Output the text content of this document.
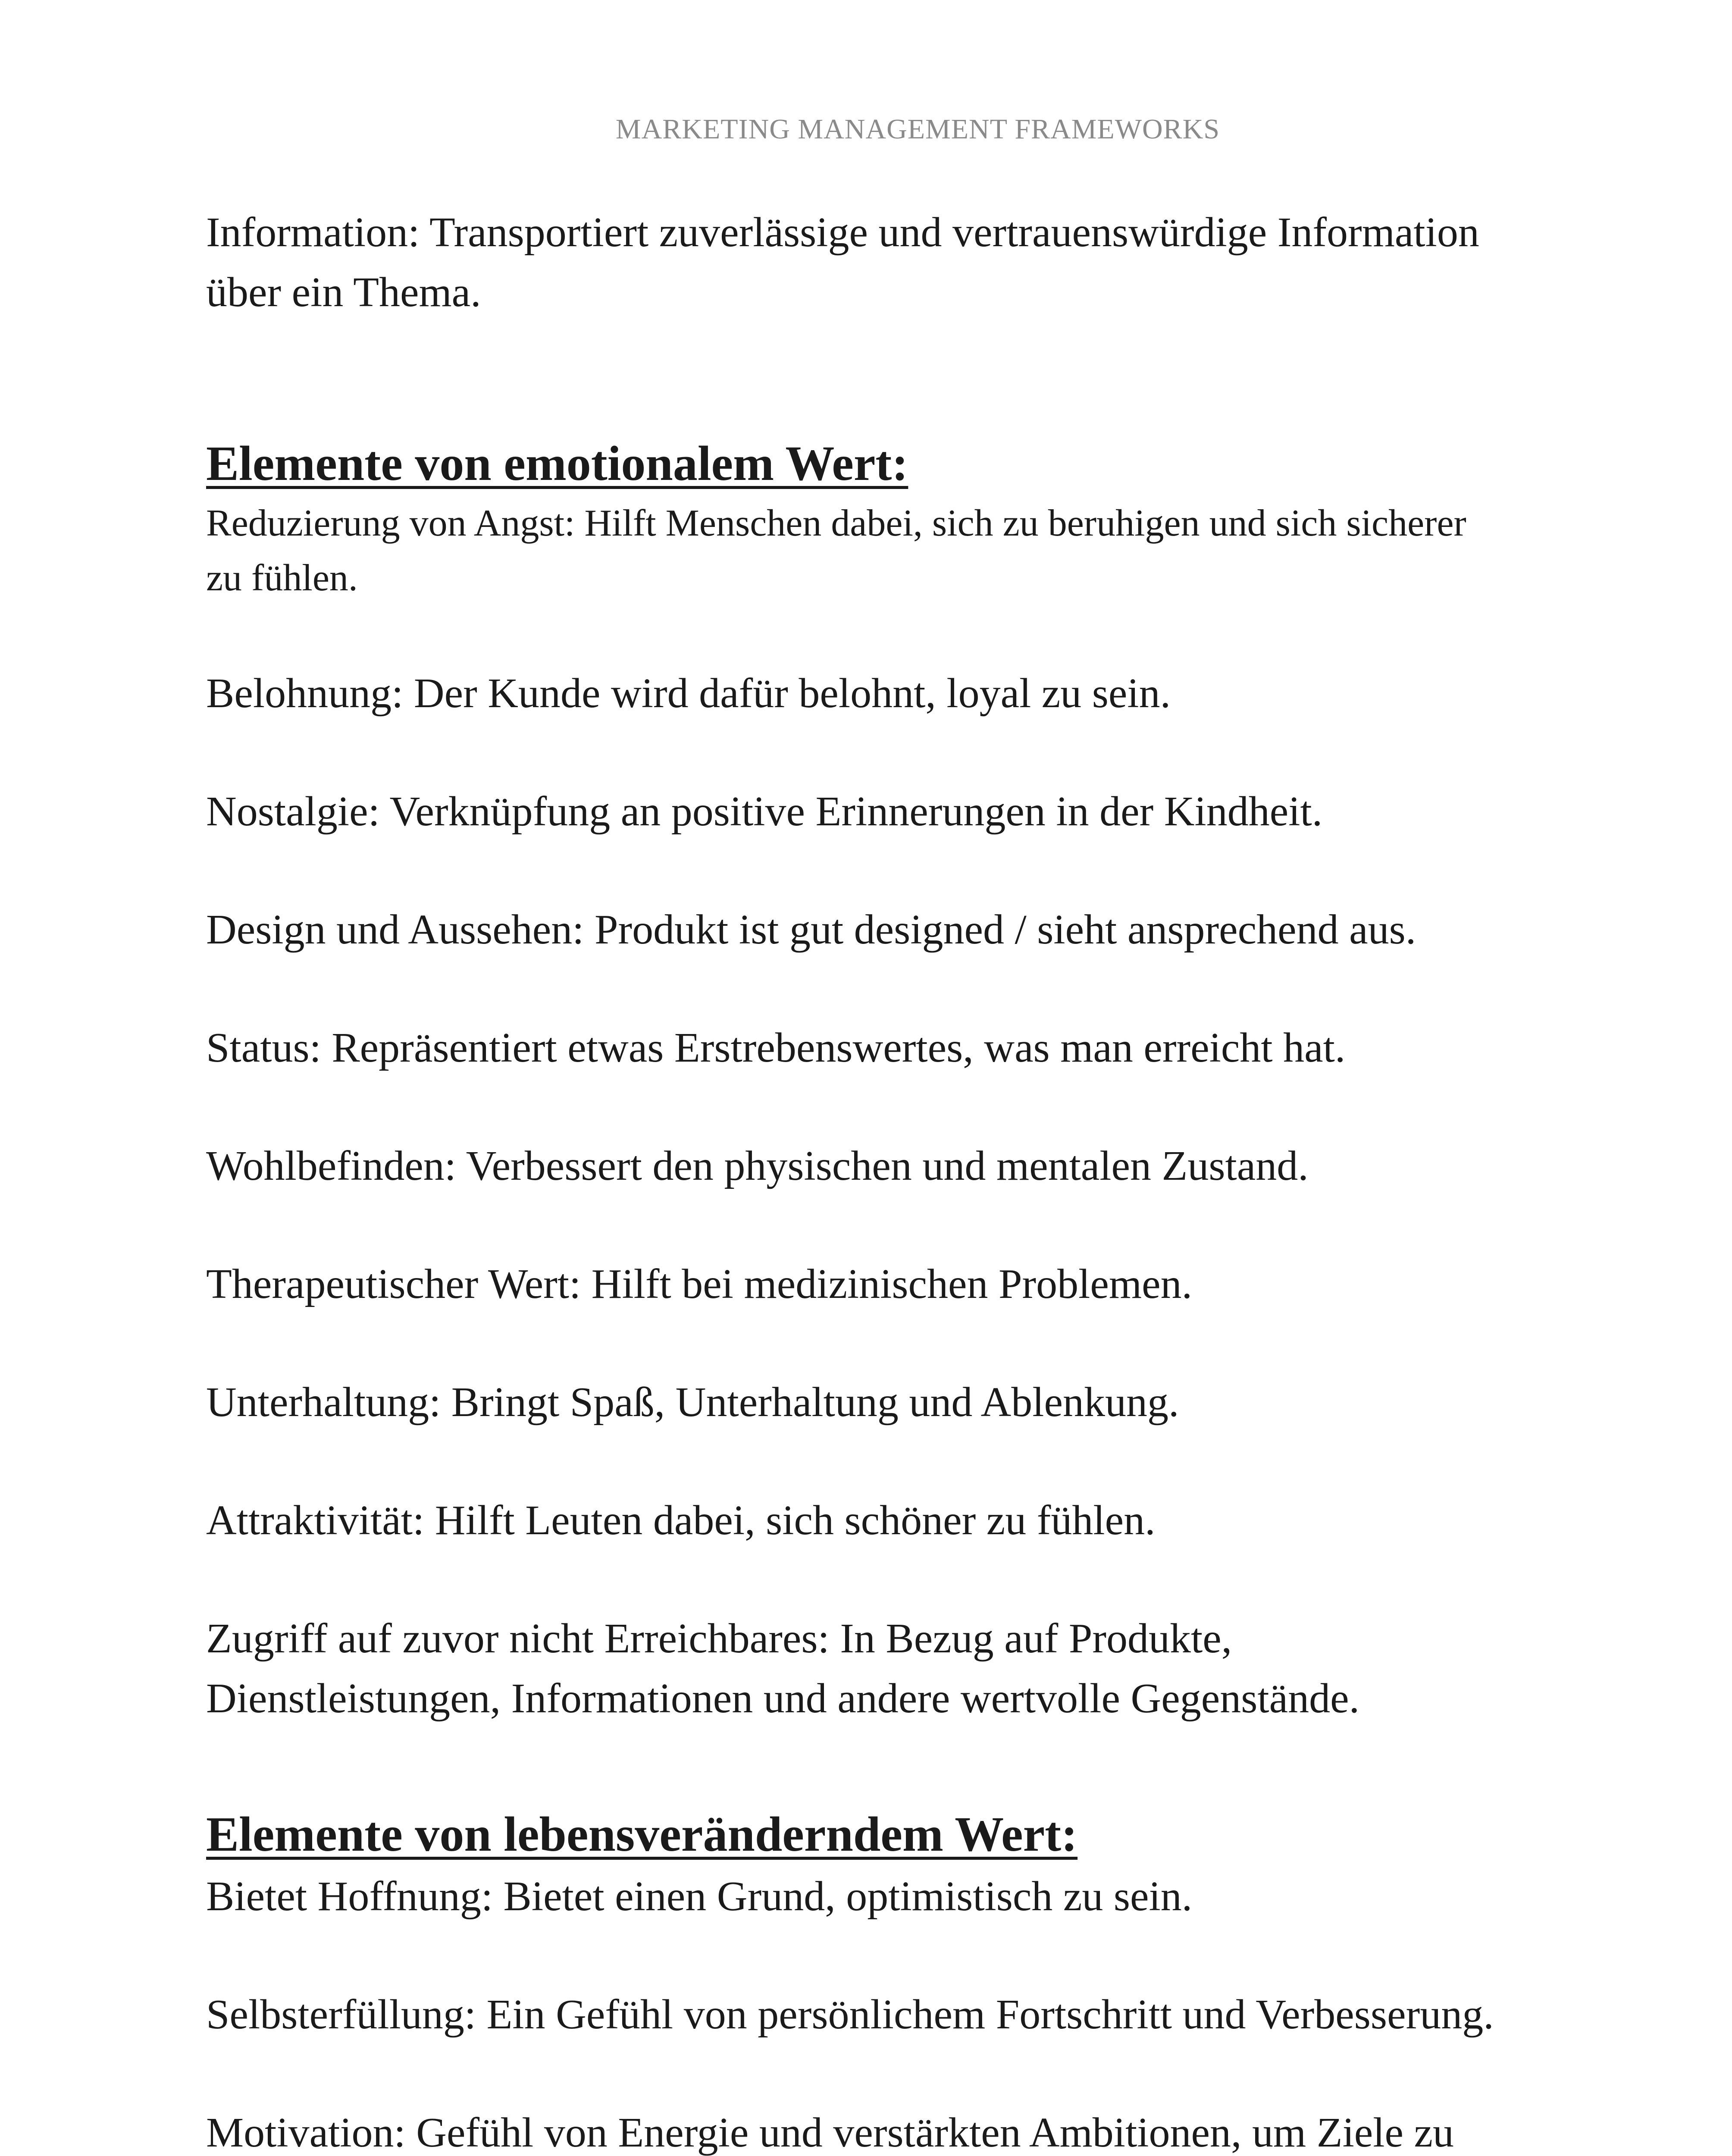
MARKETING MANAGEMENT FRAMEWORKS

Information: Transportiert zuverlässige und vertrauenswürdige Information über ein Thema.

Elemente von emotionalem Wert:

Reduzierung von Angst: Hilft Menschen dabei, sich zu beruhigen und sich sicherer zu fühlen.

Belohnung: Der Kunde wird dafür belohnt, loyal zu sein.

Nostalgie: Verknüpfung an positive Erinnerungen in der Kindheit.

Design und Aussehen: Produkt ist gut designed / sieht ansprechend aus.

Status: Repräsentiert etwas Erstrebenswertes, was man erreicht hat.

Wohlbefinden: Verbessert den physischen und mentalen Zustand.

Therapeutischer Wert: Hilft bei medizinischen Problemen.

Unterhaltung: Bringt Spaß, Unterhaltung und Ablenkung.

Attraktivität: Hilft Leuten dabei, sich schöner zu fühlen.

Zugriff auf zuvor nicht Erreichbares: In Bezug auf Produkte, Dienstleistungen, Informationen und andere wertvolle Gegenstände.

Elemente von lebensveränderndem Wert:

Bietet Hoffnung: Bietet einen Grund, optimistisch zu sein.

Selbsterfüllung: Ein Gefühl von persönlichem Fortschritt und Verbesserung.

Motivation: Gefühl von Energie und verstärkten Ambitionen, um Ziele zu
